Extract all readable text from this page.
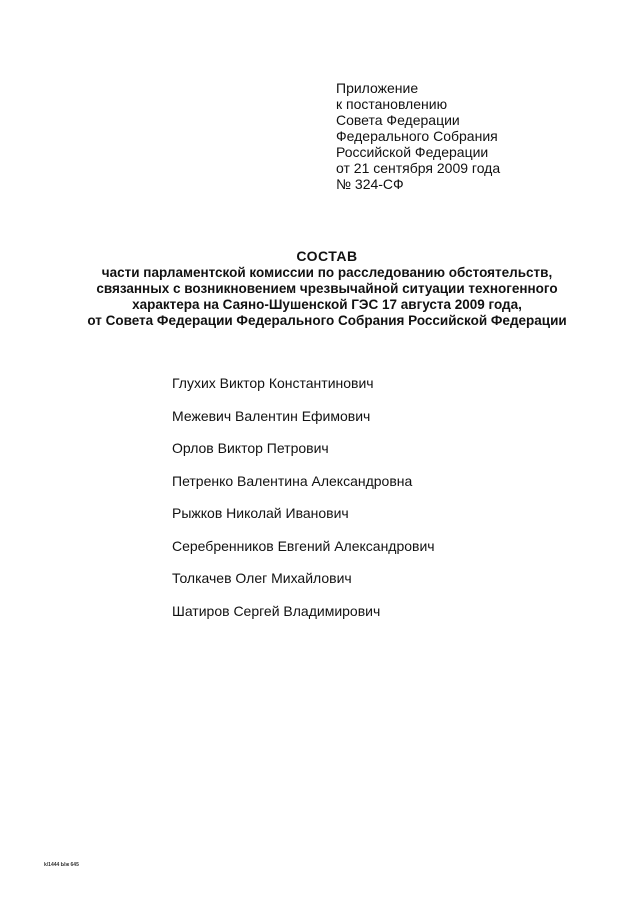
Приложение
к постановлению
Совета Федерации
Федерального Собрания
Российской Федерации
от 21 сентября 2009 года
№ 324-СФ
СОСТАВ
части парламентской комиссии по расследованию обстоятельств,
связанных с возникновением чрезвычайной ситуации техногенного
характера на Саяно-Шушенской ГЭС 17 августа 2009 года,
от Совета Федерации Федерального Собрания Российской Федерации
Глухих Виктор Константинович
Межевич Валентин Ефимович
Орлов Виктор Петрович
Петренко Валентина Александровна
Рыжков Николай Иванович
Серебренников Евгений Александрович
Толкачев Олег Михайлович
Шатиров Сергей Владимирович
k/1444 Ыж 645
